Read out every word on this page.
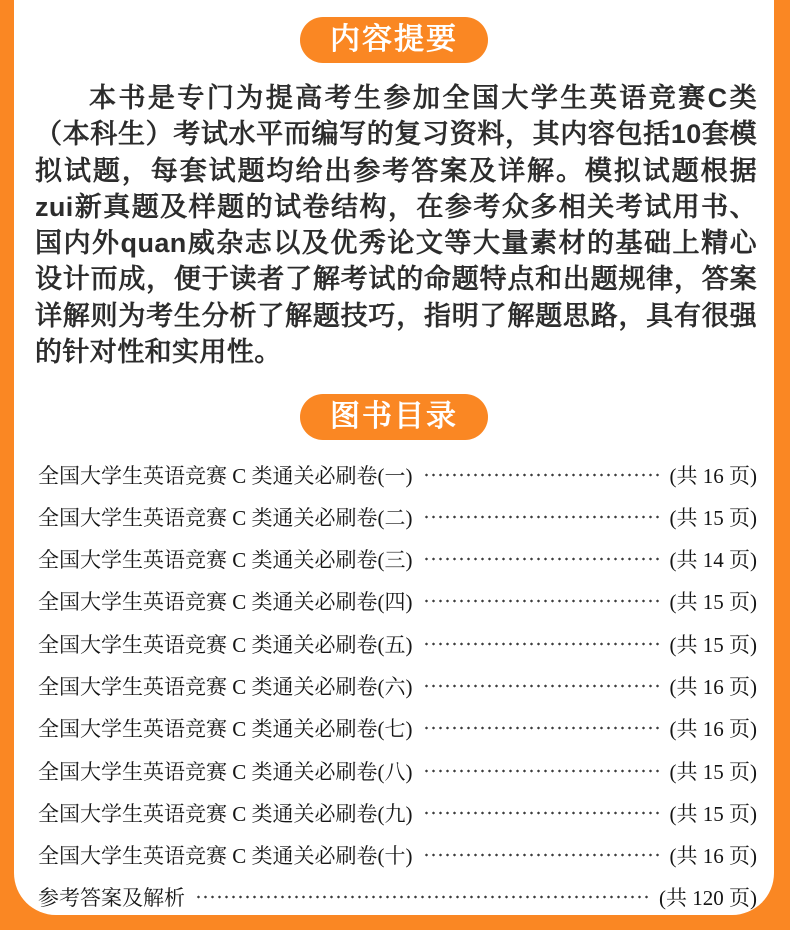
内容提要

本书是专门为提高考生参加全国大学生英语竞赛C类（本科生）考试水平而编写的复习资料，其内容包括10套模拟试题，每套试题均给出参考答案及详解。模拟试题根据zui新真题及样题的试卷结构，在参考众多相关考试用书、国内外quan威杂志以及优秀论文等大量素材的基础上精心设计而成，便于读者了解考试的命题特点和出题规律，答案详解则为考生分析了解题技巧，指明了解题思路，具有很强的针对性和实用性。

图书目录
全国大学生英语竞赛 C 类通关必刷卷(一)	(共 16 页)
全国大学生英语竞赛 C 类通关必刷卷(二)	(共 15 页)
全国大学生英语竞赛 C 类通关必刷卷(三)	(共 14 页)
全国大学生英语竞赛 C 类通关必刷卷(四)	(共 15 页)
全国大学生英语竞赛 C 类通关必刷卷(五)	(共 15 页)
全国大学生英语竞赛 C 类通关必刷卷(六)	(共 16 页)
全国大学生英语竞赛 C 类通关必刷卷(七)	(共 16 页)
全国大学生英语竞赛 C 类通关必刷卷(八)	(共 15 页)
全国大学生英语竞赛 C 类通关必刷卷(九)	(共 15 页)
全国大学生英语竞赛 C 类通关必刷卷(十)	(共 16 页)
参考答案及解析	(共 120 页)
